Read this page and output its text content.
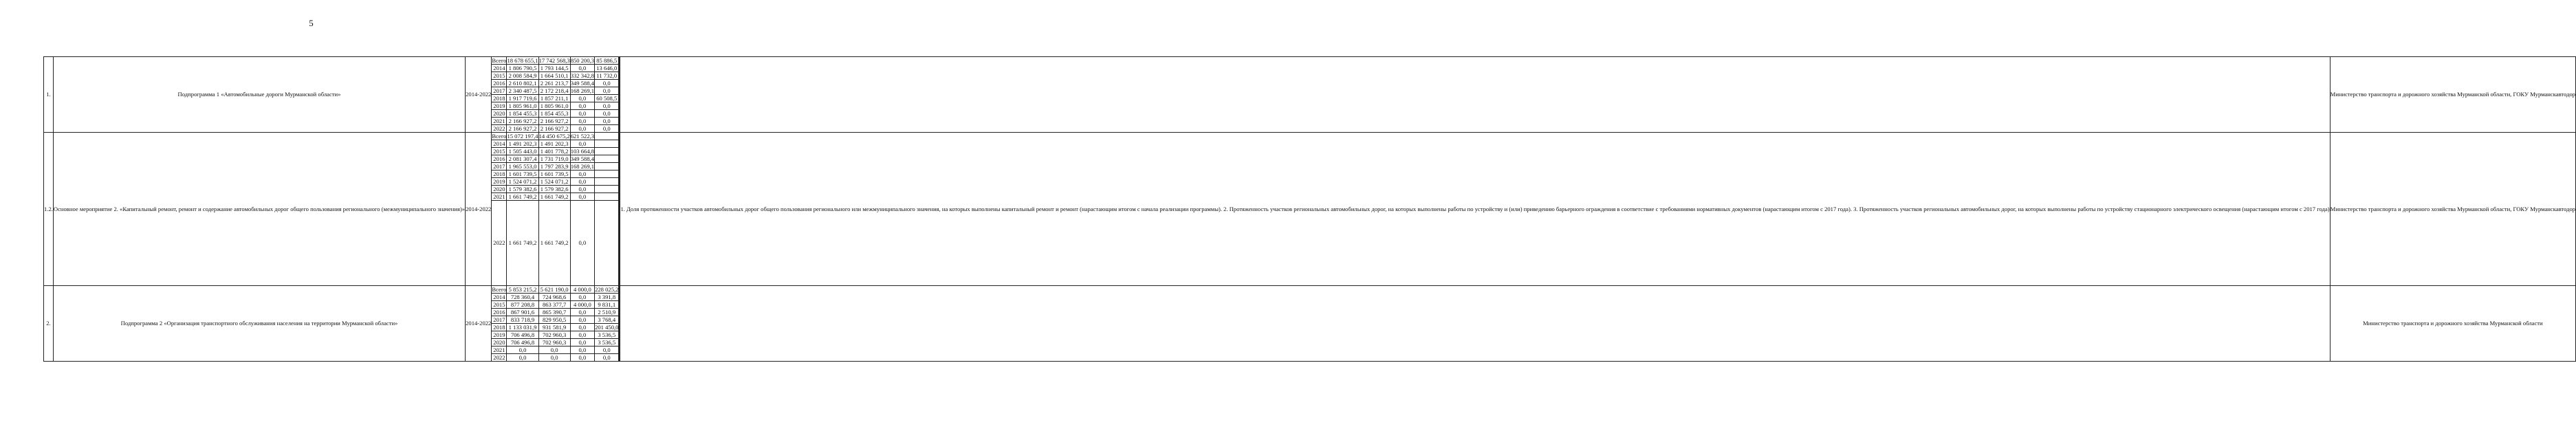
5
1.	Подпрограмма 1 «Автомобильные дороги Мурманской области»	2014-2022	Всего	18 678 655,1	17 742 568,3	850 200,3	85 886,5				Министерство транспорта и дорожного хозяйства Мурманской области, ГОКУ Мурманскавтодор
			2014	1 806 790,5	1 793 144,5	0,0	13 646,0			
			2015	2 008 584,9	1 664 510,1	332 342,8	11 732,0			
			2016	2 610 802,1	2 261 213,7	349 588,4	0,0			
			2017	2 340 487,5	2 172 218,4	168 269,1	0,0			
			2018	1 917 719,6	1 857 211,1	0,0	60 508,5			
			2019	1 805 961,0	1 805 961,0	0,0	0,0			
			2020	1 854 455,3	1 854 455,3	0,0	0,0			
			2021	2 166 927,2	2 166 927,2	0,0	0,0			
			2022	2 166 927,2	2 166 927,2	0,0	0,0			
1.2.	Основное мероприятие 2. «Капитальный ремонт, ремонт и содержание автомобильных дорог общего пользования регионального (межмуниципального значения)»	2014-2022	Всего	15 072 197,4	14 450 675,2	621 522,3				1. Доля протяженности участков автомобильных дорог общего пользования регионального или межмуниципального значения, на которых выполнены капитальный ремонт и ремонт (нарастающим итогом с начала реализации программы). 2. Протяженность участков региональных автомобильных дорог, на которых выполнены работы по устройству и (или) приведению барьерного ограждения в соответствие с требованиями нормативных документов (нарастающим итогом с 2017 года). 3. Протяженность участков региональных автомобильных дорог, на которых выполнены работы по устройству стационарного электрического освещения (нарастающим итогом с 2017 года)	Министерство транспорта и дорожного хозяйства Мурманской области, ГОКУ Мурманскавтодор
			2014	1 491 202,3	1 491 202,3	0,0				
			2015	1 505 443,0	1 401 778,2	103 664,8				
			2016	2 081 307,4	1 731 719,0	349 588,4				
			2017	1 965 553,0	1 797 283,9	168 269,1				
			2018	1 601 739,5	1 601 739,5	0,0				
			2019	1 524 071,2	1 524 071,2	0,0				
			2020	1 579 382,6	1 579 382,6	0,0				
			2021	1 661 749,2	1 661 749,2	0,0				
			2022	1 661 749,2	1 661 749,2	0,0				
2.	Подпрограмма 2 «Организация транспортного обслуживания населения на территории Мурманской области»	2014-2022	Всего	5 853 215,2	5 621 190,0	4 000,0	228 025,2				Министерство транспорта и дорожного хозяйства Мурманской области
			2014	728 360,4	724 968,6	0,0	3 391,8			
			2015	877 208,8	863 377,7	4 000,0	9 831,1			
			2016	867 901,6	865 390,7	0,0	2 510,9			
			2017	833 718,9	829 950,5	0,0	3 768,4			
			2018	1 133 031,9	931 581,9	0,0	201 450,0			
			2019	706 496,8	702 960,3	0,0	3 536,5			
			2020	706 496,8	702 960,3	0,0	3 536,5			
			2021	0,0	0,0	0,0	0,0			
			2022	0,0	0,0	0,0	0,0			
